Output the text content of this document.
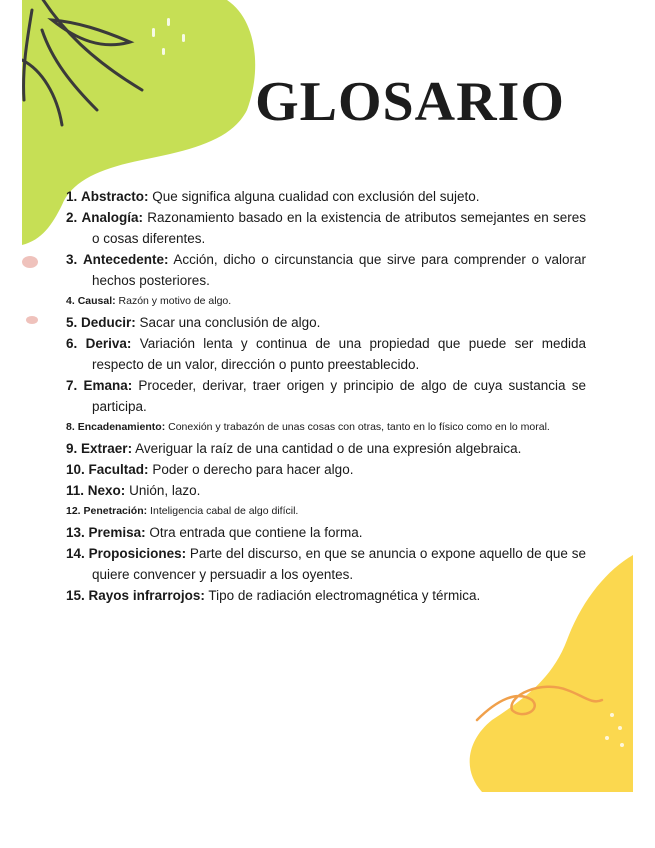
GLOSARIO
1. Abstracto: Que significa alguna cualidad con exclusión del sujeto.
2. Analogía: Razonamiento basado en la existencia de atributos semejantes en seres o cosas diferentes.
3. Antecedente: Acción, dicho o circunstancia que sirve para comprender o valorar hechos posteriores.
4. Causal: Razón y motivo de algo.
5. Deducir: Sacar una conclusión de algo.
6. Deriva: Variación lenta y continua de una propiedad que puede ser medida respecto de un valor, dirección o punto preestablecido.
7. Emana: Proceder, derivar, traer origen y principio de algo de cuya sustancia se participa.
8. Encadenamiento: Conexión y trabazón de unas cosas con otras, tanto en lo físico como en lo moral.
9. Extraer: Averiguar la raíz de una cantidad o de una expresión algebraica.
10. Facultad: Poder o derecho para hacer algo.
11. Nexo: Unión, lazo.
12. Penetración: Inteligencia cabal de algo difícil.
13. Premisa: Otra entrada que contiene la forma.
14. Proposiciones: Parte del discurso, en que se anuncia o expone aquello de que se quiere convencer y persuadir a los oyentes.
15. Rayos infrarrojos: Tipo de radiación electromagnética y térmica.
